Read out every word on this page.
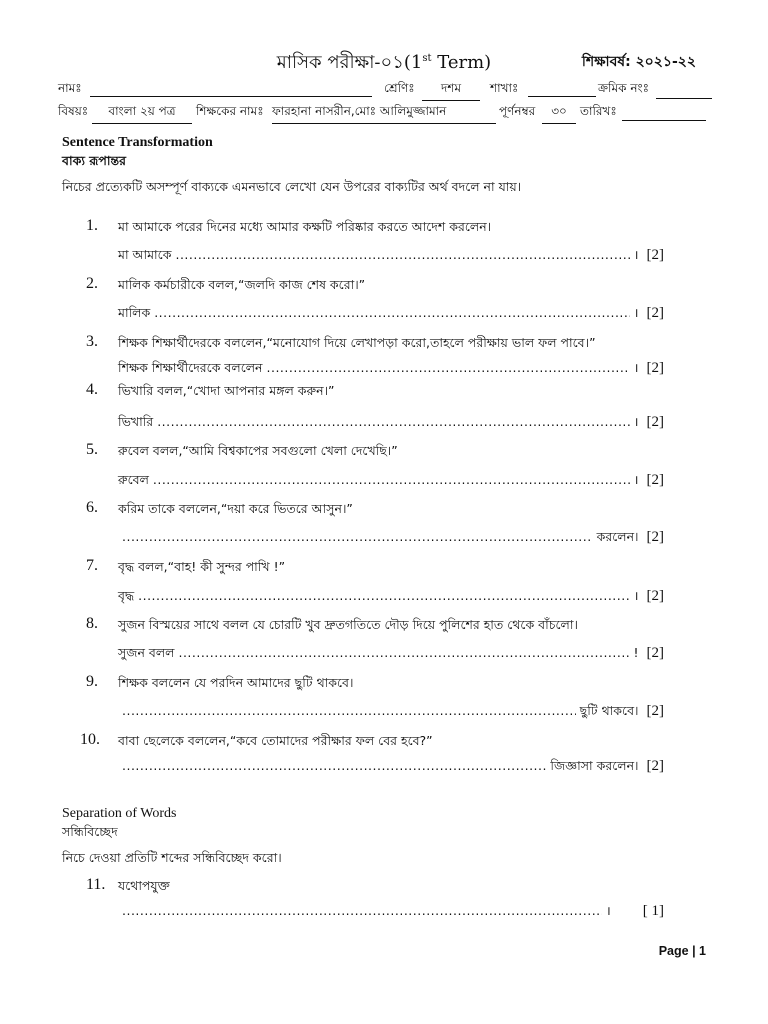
মাসিক পরীক্ষা-০১(1st Term)	শিক্ষাবর্ষ: ২০২১-২২
নামঃ	শ্রেণিঃ	দশম	শাখাঃ	ক্রমিক নংঃ
বিষয়ঃ	বাংলা ২য় পত্র	শিক্ষকের নামঃ ফারহানা নাসরীন,মোঃ আলিমুজ্জামান	পূর্ণনম্বর	৩০	তারিখঃ
Sentence Transformation
বাক্য রূপান্তর
নিচের প্রত্যেকটি অসম্পূর্ণ বাক্যকে এমনভাবে লেখো যেন উপরের বাক্যটির অর্থ বদলে না যায়।
1. মা আমাকে পরের দিনের মধ্যে আমার কক্ষটি পরিষ্কার করতে আদেশ করলেন।
মা আমাকে .....	। [2]
2. মালিক কর্মচারীকে বলল,“জলদি কাজ শেষ করো।”
মালিক .....	। [2]
3. শিক্ষক শিক্ষার্থীদেরকে বললেন,“মনোযোগ দিয়ে লেখাপড়া করো,তাহলে পরীক্ষায় ভাল ফল পাবে।”
শিক্ষক শিক্ষার্থীদেরকে বললেন .....	। [2]
4. ভিখারি বলল,“খোদা আপনার মঙ্গল করুন।”
ভিখারি .....	। [2]
5. রুবেল বলল,“আমি বিশ্বকাপের সবগুলো খেলা দেখেছি।”
রুবেল .....	। [2]
6. করিম তাকে বললেন,“দয়া করে ভিতরে আসুন।”
.....
করলেন। [2]
7. বৃদ্ধ বলল,“বাহ! কী সুন্দর পাখি !”
বৃদ্ধ .....	। [2]
8. সুজন বিস্ময়ের সাথে বলল যে চোরটি খুব দ্রুতগতিতে দৌড় দিয়ে পুলিশের হাত থেকে বাঁচলো।
সুজন বলল .....	! [2]
9. শিক্ষক বললেন যে পরদিন আমাদের ছুটি থাকবে।
.....
ছুটি থাকবে। [2]
10. বাবা ছেলেকে বললেন,“কবে তোমাদের পরীক্ষার ফল বের হবে?”
.....
জিজ্ঞাসা করলেন। [2]
Separation of Words
সন্ধিবিচ্ছেদ
নিচে দেওয়া প্রতিটি শব্দের সন্ধিবিচ্ছেদ করো।
11. যথোপযুক্ত
.....
। [ 1]
Page | 1
